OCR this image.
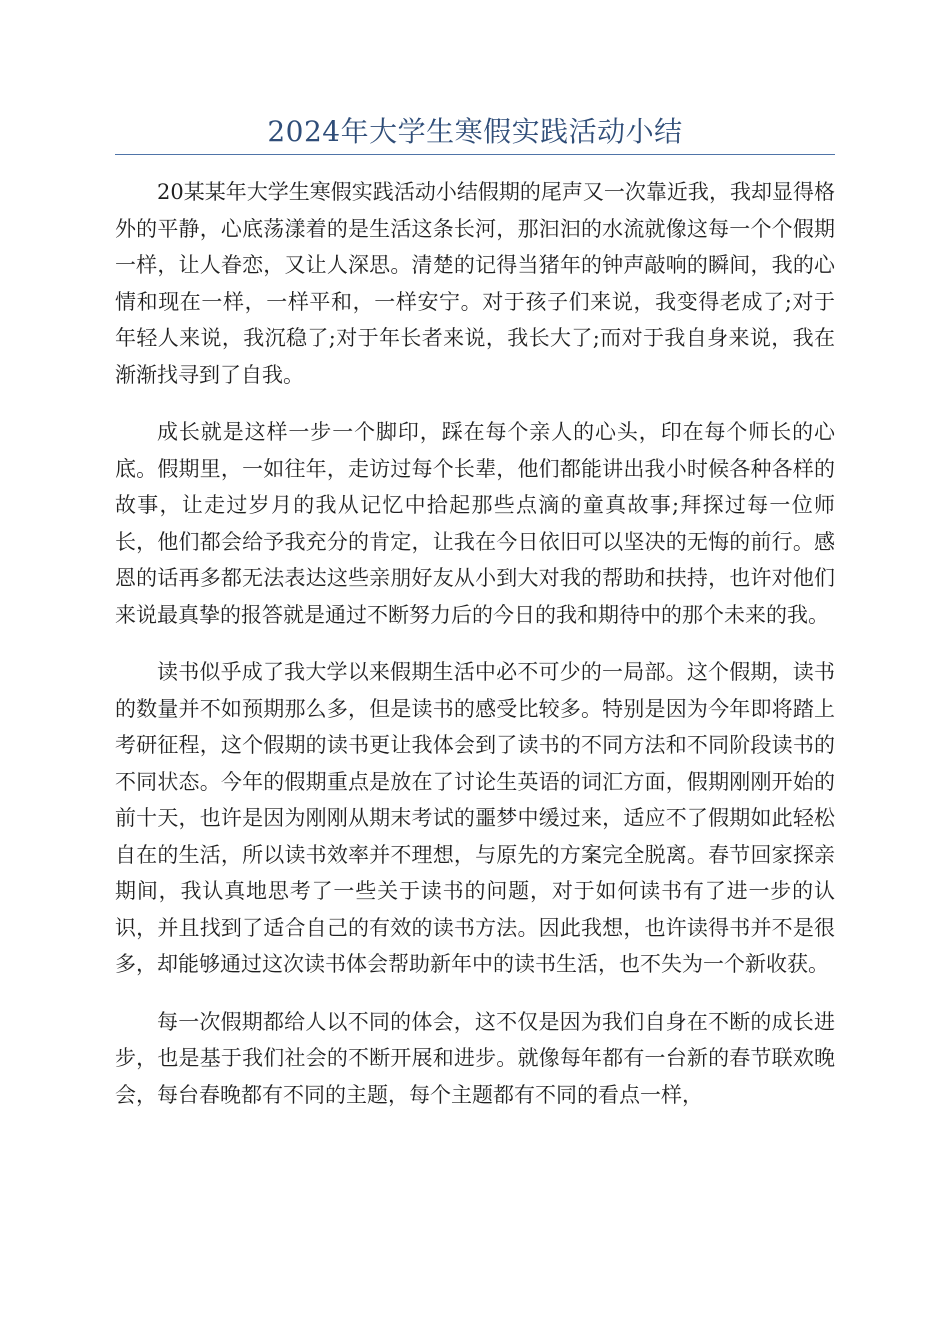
2024年大学生寒假实践活动小结

20某某年大学生寒假实践活动小结假期的尾声又一次靠近我，我却显得格外的平静，心底荡漾着的是生活这条长河，那汩汩的水流就像这每一个个假期一样，让人眷恋，又让人深思。清楚的记得当猪年的钟声敲响的瞬间，我的心情和现在一样，一样平和，一样安宁。对于孩子们来说，我变得老成了;对于年轻人来说，我沉稳了;对于年长者来说，我长大了;而对于我自身来说，我在渐渐找寻到了自我。

成长就是这样一步一个脚印，踩在每个亲人的心头，印在每个师长的心底。假期里，一如往年，走访过每个长辈，他们都能讲出我小时候各种各样的故事，让走过岁月的我从记忆中拾起那些点滴的童真故事;拜探过每一位师长，他们都会给予我充分的肯定，让我在今日依旧可以坚决的无悔的前行。感恩的话再多都无法表达这些亲朋好友从小到大对我的帮助和扶持，也许对他们来说最真挚的报答就是通过不断努力后的今日的我和期待中的那个未来的我。

读书似乎成了我大学以来假期生活中必不可少的一局部。这个假期，读书的数量并不如预期那么多，但是读书的感受比较多。特别是因为今年即将踏上考研征程，这个假期的读书更让我体会到了读书的不同方法和不同阶段读书的不同状态。今年的假期重点是放在了讨论生英语的词汇方面，假期刚刚开始的前十天，也许是因为刚刚从期末考试的噩梦中缓过来，适应不了假期如此轻松自在的生活，所以读书效率并不理想，与原先的方案完全脱离。春节回家探亲期间，我认真地思考了一些关于读书的问题，对于如何读书有了进一步的认识，并且找到了适合自己的有效的读书方法。因此我想，也许读得书并不是很多，却能够通过这次读书体会帮助新年中的读书生活，也不失为一个新收获。

每一次假期都给人以不同的体会，这不仅是因为我们自身在不断的成长进步，也是基于我们社会的不断开展和进步。就像每年都有一台新的春节联欢晚会，每台春晚都有不同的主题，每个主题都有不同的看点一样，
